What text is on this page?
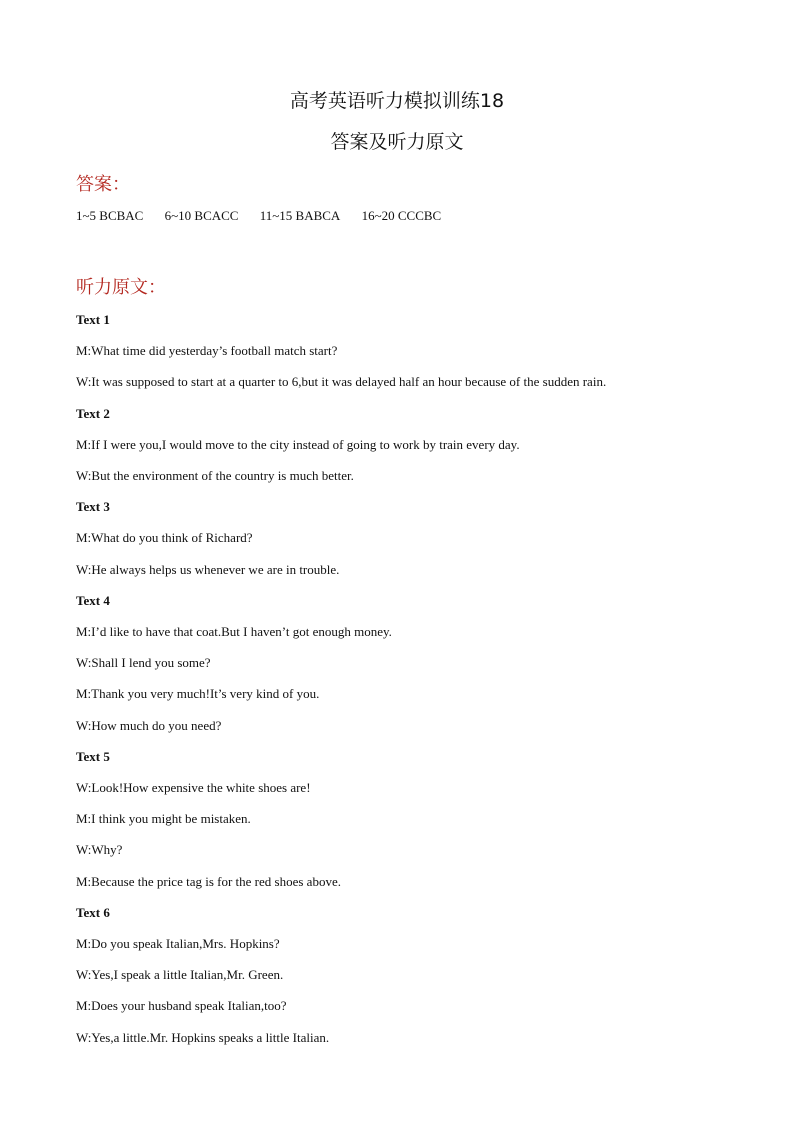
高考英语听力模拟训练18
答案及听力原文
答案：
1~5 BCBAC 6~10 BCACC 11~15 BABCA 16~20 CCCBC
听力原文：
Text 1
M:What time did yesterday’s football match start?
W:It was supposed to start at a quarter to 6,but it was delayed half an hour because of the sudden rain.
Text 2
M:If I were you,I would move to the city instead of going to work by train every day.
W:But the environment of the country is much better.
Text 3
M:What do you think of Richard?
W:He always helps us whenever we are in trouble.
Text 4
M:I’d like to have that coat.But I haven’t got enough money.
W:Shall I lend you some?
M:Thank you very much!It’s very kind of you.
W:How much do you need?
Text 5
W:Look!How expensive the white shoes are!
M:I think you might be mistaken.
W:Why?
M:Because the price tag is for the red shoes above.
Text 6
M:Do you speak Italian,Mrs. Hopkins?
W:Yes,I speak a little Italian,Mr. Green.
M:Does your husband speak Italian,too?
W:Yes,a little.Mr. Hopkins speaks a little Italian.
